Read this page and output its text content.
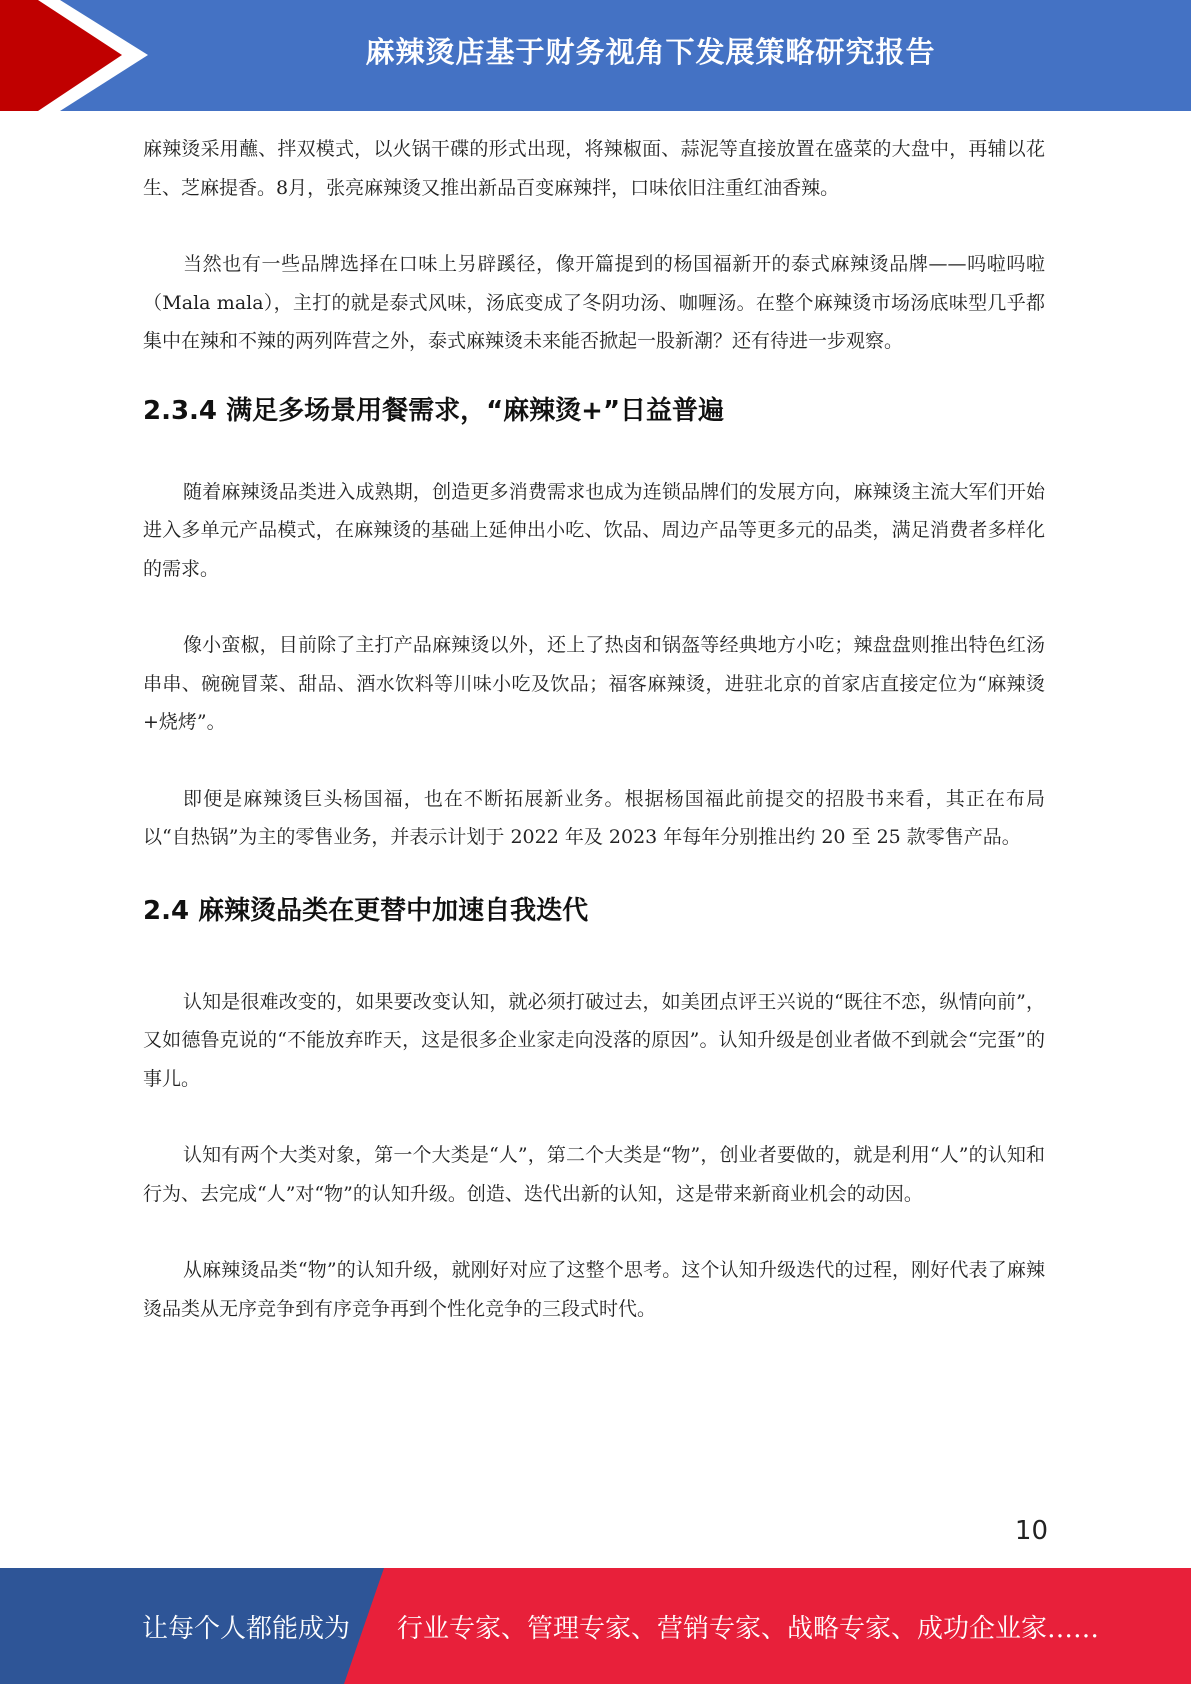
麻辣烫店基于财务视角下发展策略研究报告

麻辣烫采用蘸、拌双模式，以火锅干碟的形式出现，将辣椒面、蒜泥等直接放置在盛菜的大盘中，再辅以花生、芝麻提香。8月，张亮麻辣烫又推出新品百变麻辣拌，口味依旧注重红油香辣。

当然也有一些品牌选择在口味上另辟蹊径，像开篇提到的杨国福新开的泰式麻辣烫品牌——吗啦吗啦（Mala mala），主打的就是泰式风味，汤底变成了冬阴功汤、咖喱汤。在整个麻辣烫市场汤底味型几乎都集中在辣和不辣的两列阵营之外，泰式麻辣烫未来能否掀起一股新潮？还有待进一步观察。

2.3.4 满足多场景用餐需求，“麻辣烫+”日益普遍

随着麻辣烫品类进入成熟期，创造更多消费需求也成为连锁品牌们的发展方向，麻辣烫主流大军们开始进入多单元产品模式，在麻辣烫的基础上延伸出小吃、饮品、周边产品等更多元的品类，满足消费者多样化的需求。

像小蛮椒，目前除了主打产品麻辣烫以外，还上了热卤和锅盔等经典地方小吃；辣盘盘则推出特色红汤串串、碗碗冒菜、甜品、酒水饮料等川味小吃及饮品；福客麻辣烫，进驻北京的首家店直接定位为“麻辣烫+烧烤”。

即便是麻辣烫巨头杨国福，也在不断拓展新业务。根据杨国福此前提交的招股书来看，其正在布局以“自热锅”为主的零售业务，并表示计划于 2022 年及 2023 年每年分别推出约 20 至 25 款零售产品。

2.4 麻辣烫品类在更替中加速自我迭代

认知是很难改变的，如果要改变认知，就必须打破过去，如美团点评王兴说的“既往不恋，纵情向前”，又如德鲁克说的“不能放弃昨天，这是很多企业家走向没落的原因”。认知升级是创业者做不到就会“完蛋”的事儿。

认知有两个大类对象，第一个大类是“人”，第二个大类是“物”，创业者要做的，就是利用“人”的认知和行为、去完成“人”对“物”的认知升级。创造、迭代出新的认知，这是带来新商业机会的动因。

从麻辣烫品类“物”的认知升级，就刚好对应了这整个思考。这个认知升级迭代的过程，刚好代表了麻辣烫品类从无序竞争到有序竞争再到个性化竞争的三段式时代。

10
让每个人都能成为 行业专家、管理专家、营销专家、战略专家、成功企业家……
